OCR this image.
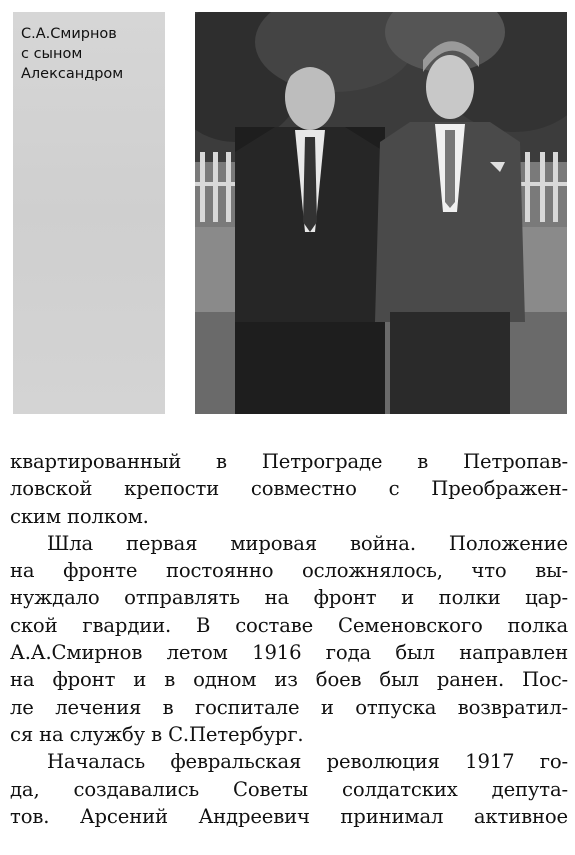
С.А.Смирнов
с сыном
Александром
квартированный в Петрограде в Петропав-
ловской крепости совместно с Преображен-
ским полком.
Шла первая мировая война. Положение
на фронте постоянно осложнялось, что вы-
нуждало отправлять на фронт и полки цар-
ской гвардии. В составе Семеновского полка
А.А.Смирнов летом 1916 года был направлен
на фронт и в одном из боев был ранен. Пос-
ле лечения в госпитале и отпуска возвратил-
ся на службу в С.Петербург.
Началась февральская революция 1917 го-
да, создавались Советы солдатских депута-
тов. Арсений Андреевич принимал активное
